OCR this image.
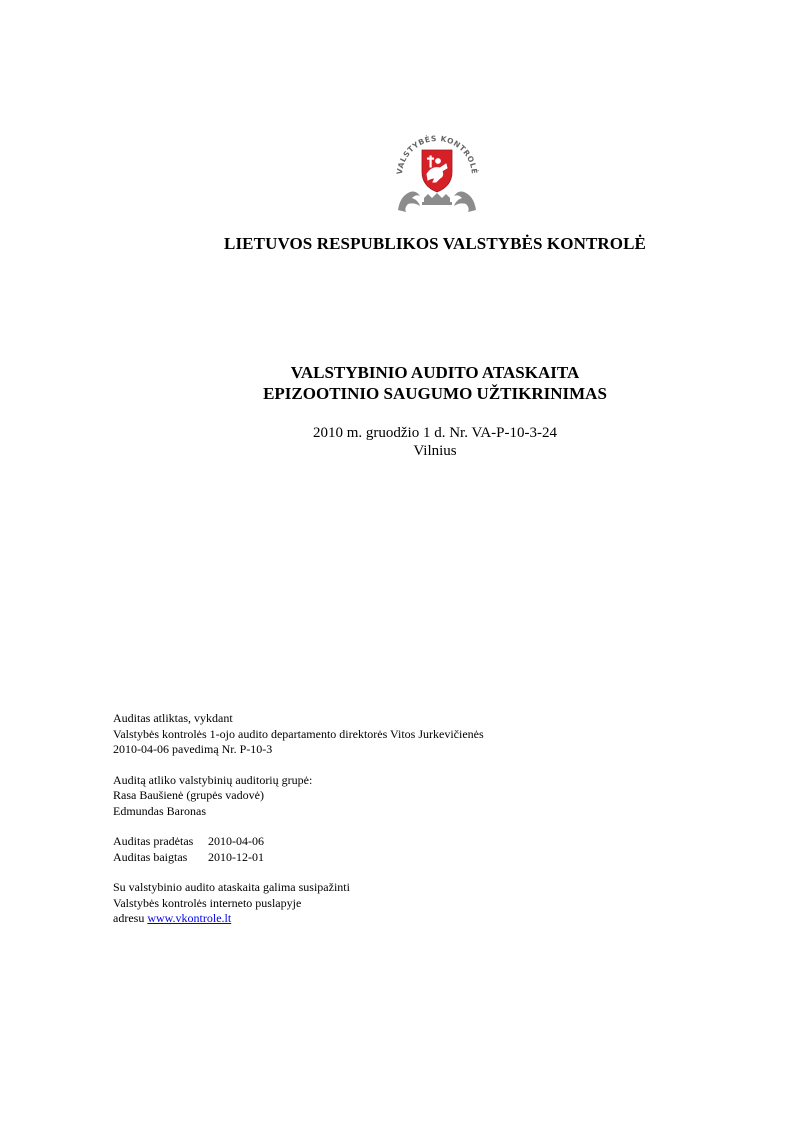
VALSTYBĖS KONTROLĖ
LIETUVOS RESPUBLIKOS VALSTYBĖS KONTROLĖ
VALSTYBINIO AUDITO ATASKAITA
EPIZOOTINIO SAUGUMO UŽTIKRINIMAS
2010 m. gruodžio 1 d. Nr. VA-P-10-3-24
Vilnius

Auditas atliktas, vykdant

Valstybės kontrolės 1-ojo audito departamento direktorės Vitos Jurkevičienės

2010-04-06 pavedimą Nr. P-10-3

Auditą atliko valstybinių auditorių grupė:

Rasa Baušienė (grupės vadovė)

Edmundas Baronas

Auditas pradėtas 2010-04-06

Auditas baigtas 2010-12-01

Su valstybinio audito ataskaita galima susipažinti

Valstybės kontrolės interneto puslapyje

adresu www.vkontrole.lt
